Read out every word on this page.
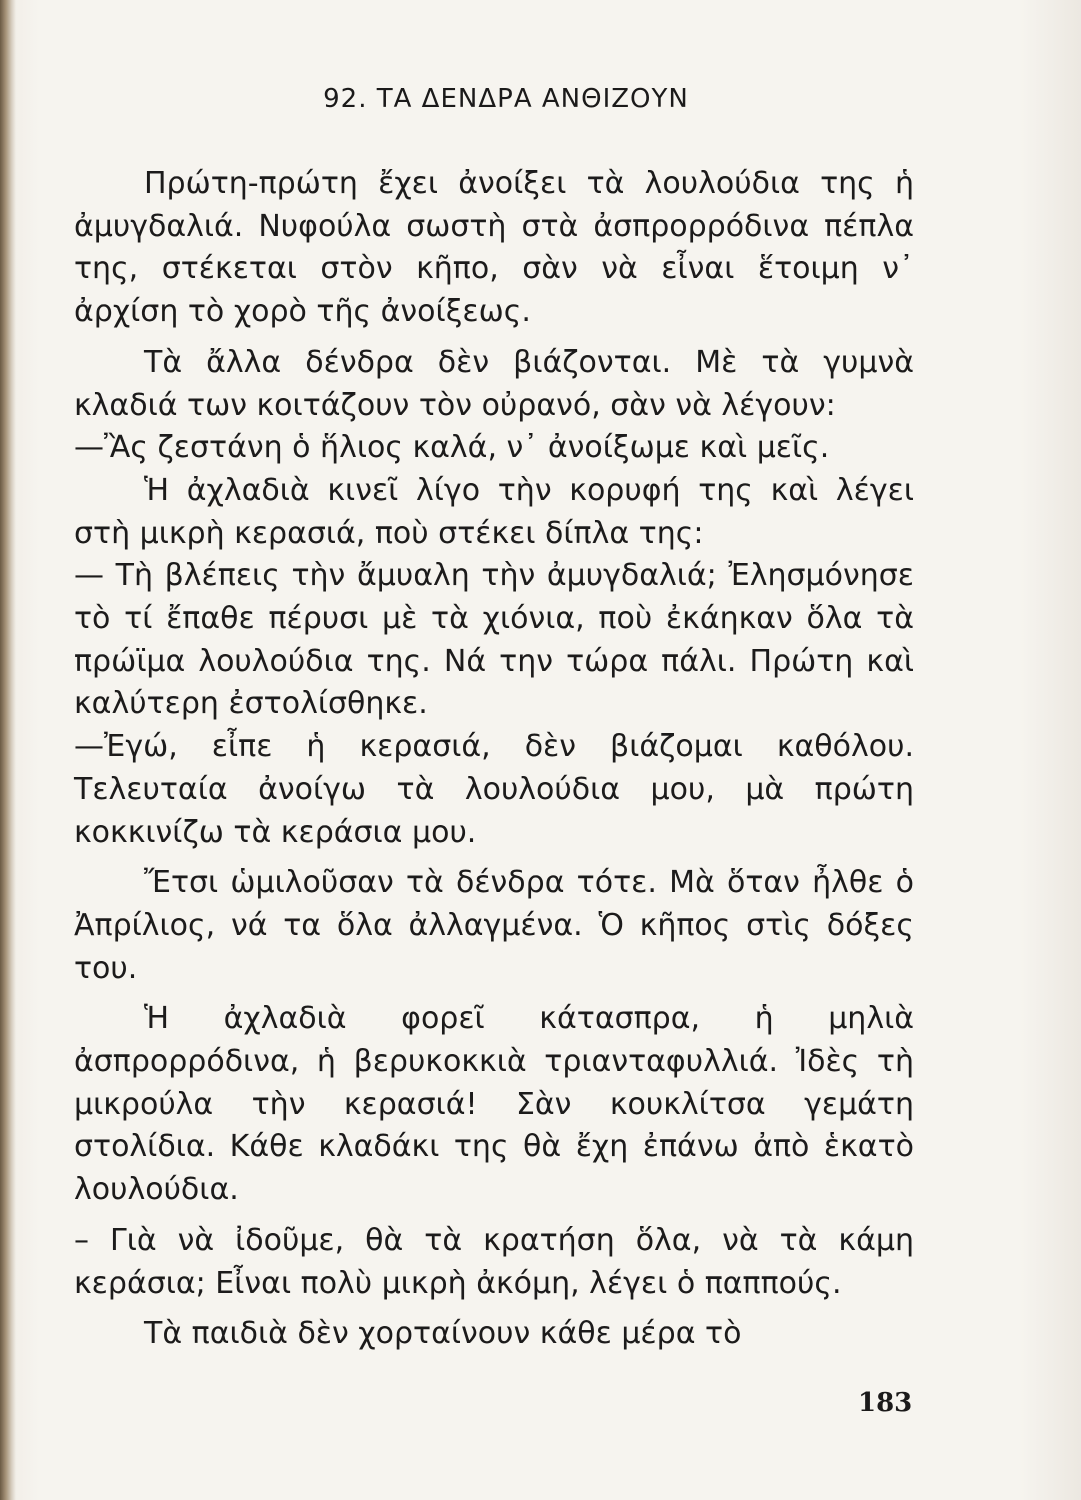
92. ΤΑ ΔΕΝΔΡΑ ΑΝΘΙΖΟΥΝ

Πρώτη-πρώτη ἔχει ἀνοίξει τὰ λουλούδια της ἡ ἀμυγδαλιά. Νυφούλα σωστὴ στὰ ἀσπρορρόδινα πέπλα της, στέκεται στὸν κῆπο, σὰν νὰ εἶναι ἕτοιμη ν᾽ ἀρχίση τὸ χορὸ τῆς ἀνοίξεως.

Τὰ ἄλλα δένδρα δὲν βιάζονται. Μὲ τὰ γυμνὰ κλαδιά των κοιτάζουν τὸν οὐρανό, σὰν νὰ λέγουν:

—Ἂς ζεστάνη ὁ ἥλιος καλά, ν᾽ ἀνοίξωμε καὶ μεῖς.

Ἡ ἀχλαδιὰ κινεῖ λίγο τὴν κορυφή της καὶ λέγει στὴ μικρὴ κερασιά, ποὺ στέκει δίπλα της:

— Τὴ βλέπεις τὴν ἄμυαλη τὴν ἀμυγδαλιά; Ἐλησμόνησε τὸ τί ἔπαθε πέρυσι μὲ τὰ χιόνια, ποὺ ἐκάηκαν ὅλα τὰ πρώϊμα λουλούδια της. Νά την τώρα πάλι. Πρώτη καὶ καλύτερη ἐστολίσθηκε.

—Ἐγώ, εἶπε ἡ κερασιά, δὲν βιάζομαι καθόλου. Τελευταία ἀνοίγω τὰ λουλούδια μου, μὰ πρώτη κοκκινίζω τὰ κεράσια μου.

Ἔτσι ὡμιλοῦσαν τὰ δένδρα τότε. Μὰ ὅταν ἦλθε ὁ Ἀπρίλιος, νά τα ὅλα ἀλλαγμένα. Ὁ κῆπος στὶς δόξες του.

Ἡ ἀχλαδιὰ φορεῖ κάτασπρα, ἡ μηλιὰ ἀσπρορρόδινα, ἡ βερυκοκκιὰ τριανταφυλλιά. Ἰδὲς τὴ μικρούλα τὴν κερασιά! Σὰν κουκλίτσα γεμάτη στολίδια. Κάθε κλαδάκι της θὰ ἔχη ἐπάνω ἀπὸ ἑκατὸ λουλούδια.

– Γιὰ νὰ ἰδοῦμε, θὰ τὰ κρατήση ὅλα, νὰ τὰ κάμη κεράσια; Εἶναι πολὺ μικρὴ ἀκόμη, λέγει ὁ παππούς.

Τὰ παιδιὰ δὲν χορταίνουν κάθε μέρα τὸ

183
